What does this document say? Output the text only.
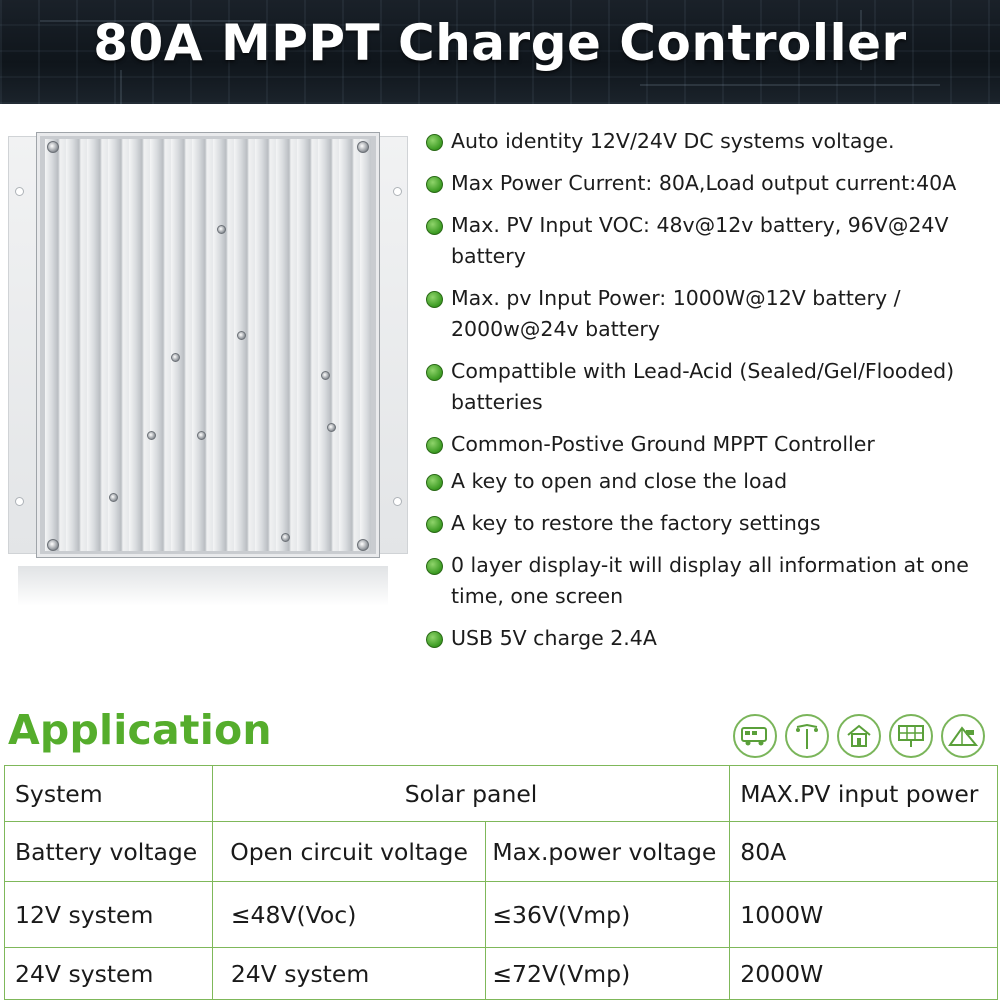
80A MPPT Charge Controller
Auto identity 12V/24V DC systems voltage.
Max Power Current: 80A,Load output current:40A
Max. PV Input VOC: 48v@12v battery, 96V@24V battery
Max. pv Input Power: 1000W@12V battery / 2000w@24v battery
Compattible with Lead-Acid (Sealed/Gel/Flooded) batteries
Common-Postive Ground MPPT Controller
A key to open and close the load
A key to restore the factory settings
0 layer display-it will display all information at one time, one screen
USB 5V charge 2.4A
Application
System	Solar panel		MAX.PV input power
Battery voltage	Open circuit voltage	Max.power voltage	80A
12V system	≤48V(Voc)	≤36V(Vmp)	1000W
24V system	24V system	≤72V(Vmp)	2000W
